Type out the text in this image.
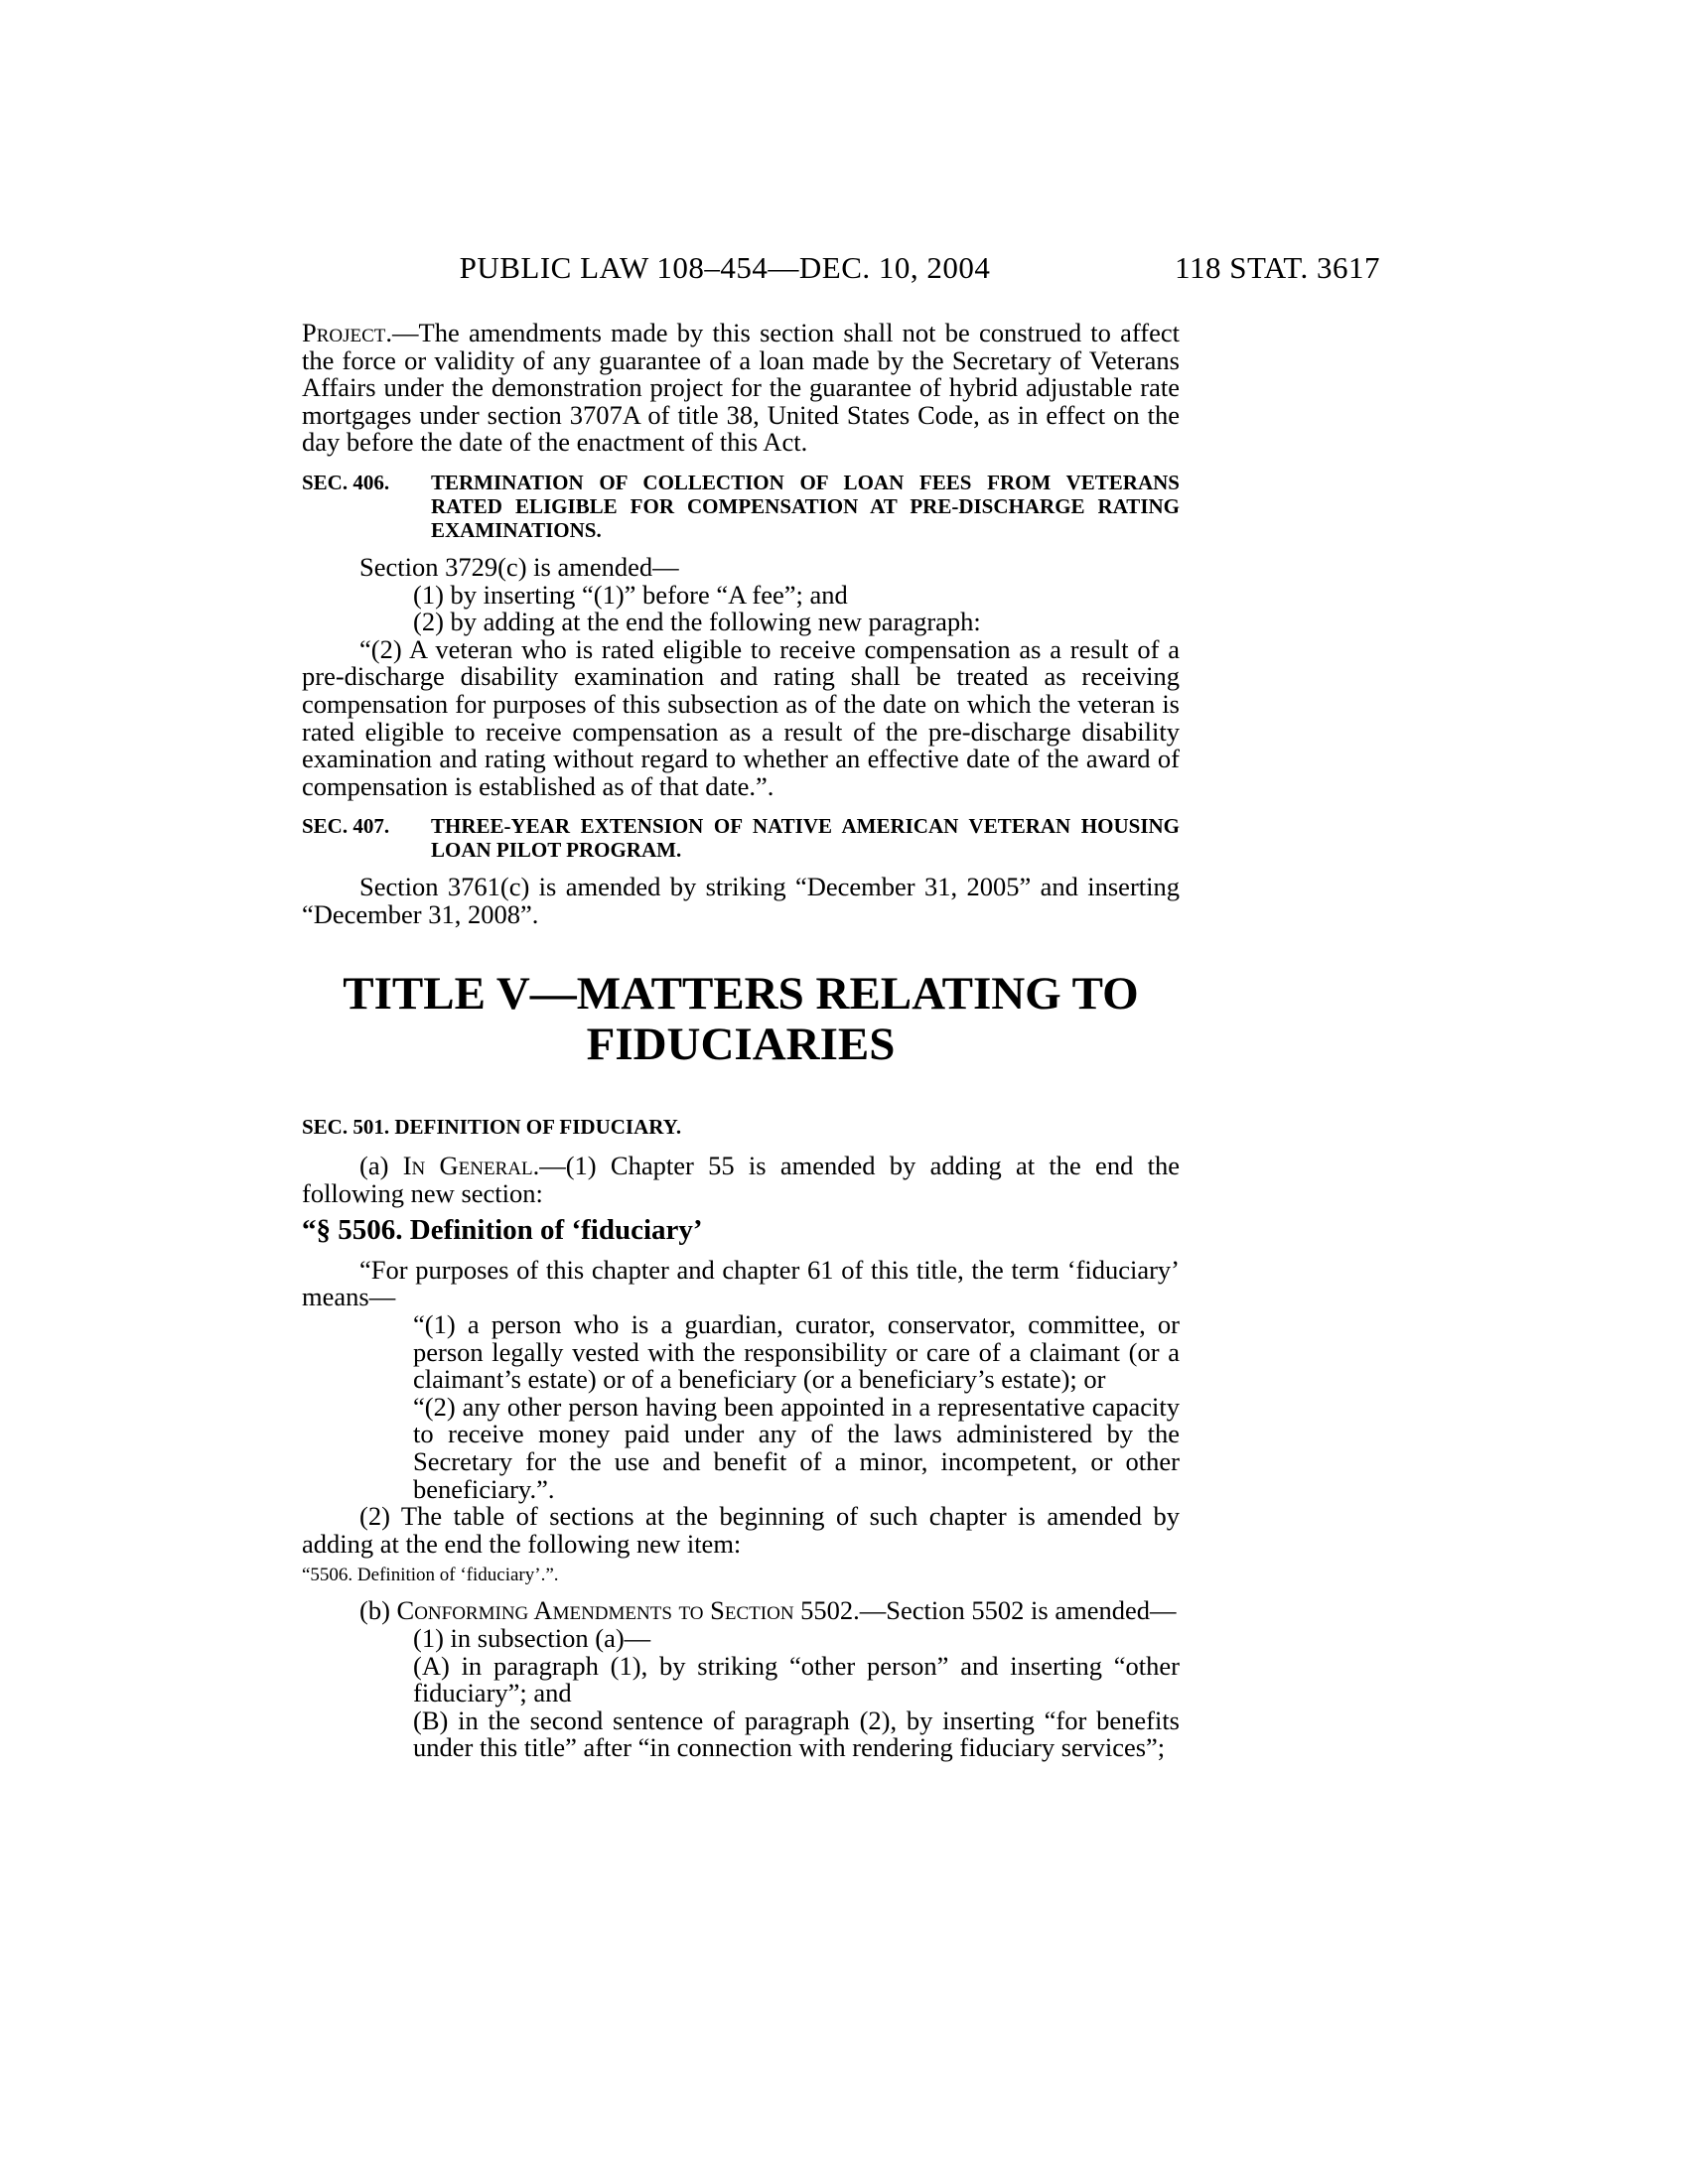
PUBLIC LAW 108–454—DEC. 10, 2004	118 STAT. 3617

Project.—The amendments made by this section shall not be construed to affect the force or validity of any guarantee of a loan made by the Secretary of Veterans Affairs under the demonstration project for the guarantee of hybrid adjustable rate mortgages under section 3707A of title 38, United States Code, as in effect on the day before the date of the enactment of this Act.

SEC. 406.	TERMINATION OF COLLECTION OF LOAN FEES FROM VETERANS RATED ELIGIBLE FOR COMPENSATION AT PRE-DISCHARGE RATING EXAMINATIONS.

Section 3729(c) is amended—

(1) by inserting “(1)” before “A fee”; and

(2) by adding at the end the following new paragraph:

“(2) A veteran who is rated eligible to receive compensation as a result of a pre-discharge disability examination and rating shall be treated as receiving compensation for purposes of this subsection as of the date on which the veteran is rated eligible to receive compensation as a result of the pre-discharge disability examination and rating without regard to whether an effective date of the award of compensation is established as of that date.”.

SEC. 407.	THREE-YEAR EXTENSION OF NATIVE AMERICAN VETERAN HOUSING LOAN PILOT PROGRAM.

Section 3761(c) is amended by striking “December 31, 2005” and inserting “December 31, 2008”.

TITLE V—MATTERS RELATING TO
FIDUCIARIES
SEC. 501. DEFINITION OF FIDUCIARY.

(a) In General.—(1) Chapter 55 is amended by adding at the end the following new section:

“§ 5506. Definition of ‘fiduciary’

“For purposes of this chapter and chapter 61 of this title, the term ‘fiduciary’ means—

“(1) a person who is a guardian, curator, conservator, committee, or person legally vested with the responsibility or care of a claimant (or a claimant’s estate) or of a beneficiary (or a beneficiary’s estate); or

“(2) any other person having been appointed in a representative capacity to receive money paid under any of the laws administered by the Secretary for the use and benefit of a minor, incompetent, or other beneficiary.”.

(2) The table of sections at the beginning of such chapter is amended by adding at the end the following new item:

“5506. Definition of ‘fiduciary’.”.

(b) Conforming Amendments to Section 5502.—Section 5502 is amended—

(1) in subsection (a)—

(A) in paragraph (1), by striking “other person” and inserting “other fiduciary”; and

(B) in the second sentence of paragraph (2), by inserting “for benefits under this title” after “in connection with rendering fiduciary services”;
